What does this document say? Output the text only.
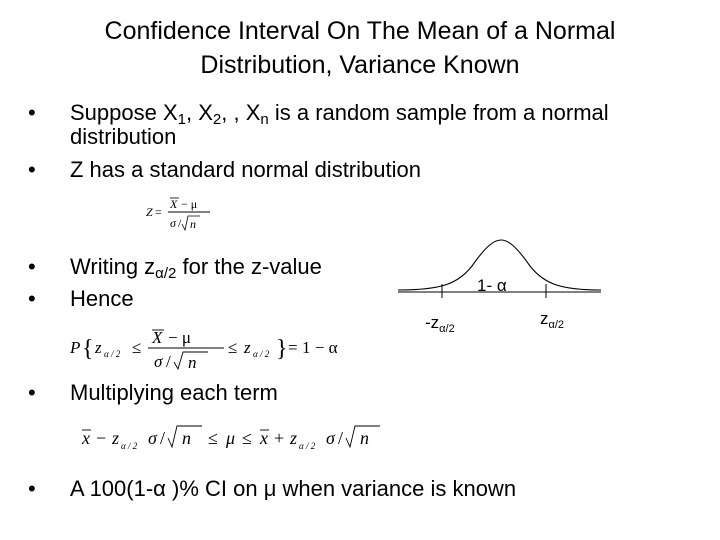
Confidence Interval On The Mean of a Normal
Distribution, Variance Known
• Suppose $X_1$, $X_2$, , $X_n$ is a random sample from a normal
distribution
• Z has a standard normal distribution
Z =
X − μ
σ / n
• Writing $z_{\alpha/2}$ for the z-value
• Hence
1- α
$-z_{\alpha/2}$
$z_{\alpha/2}$
P { z α / 2 ≤
X − μ
σ / n
≤ z α / 2 } = 1 − α
• Multiplying each term
x − z α / 2 σ / n ≤ μ ≤ x + z α / 2 σ / n
• A 100(1-α )% CI on μ when variance is known
